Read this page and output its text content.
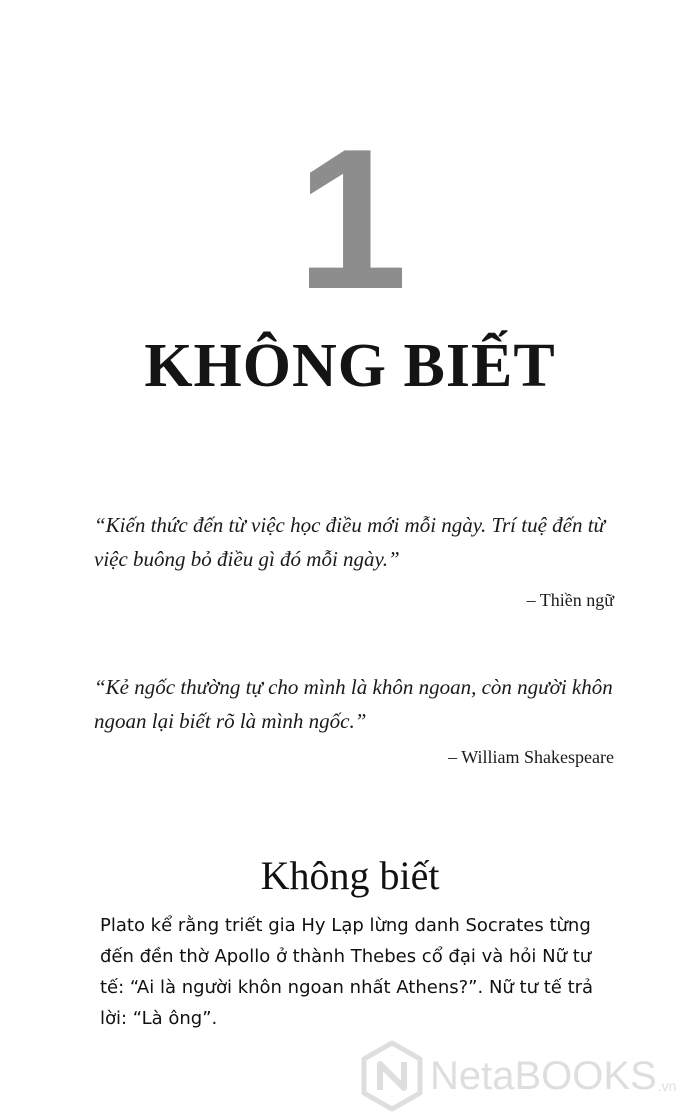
1
KHÔNG BIẾT
“Kiến thức đến từ việc học điều mới mỗi ngày. Trí tuệ đến từ việc buông bỏ điều gì đó mỗi ngày.”
– Thiền ngữ
“Kẻ ngốc thường tự cho mình là khôn ngoan, còn người khôn ngoan lại biết rõ là mình ngốc.”
– William Shakespeare
Không biết
Plato kể rằng triết gia Hy Lạp lừng danh Socrates từng đến đền thờ Apollo ở thành Thebes cổ đại và hỏi Nữ tư tế: “Ai là người khôn ngoan nhất Athens?”. Nữ tư tế trả lời: “Là ông”.
NetaBOOKS .vn
